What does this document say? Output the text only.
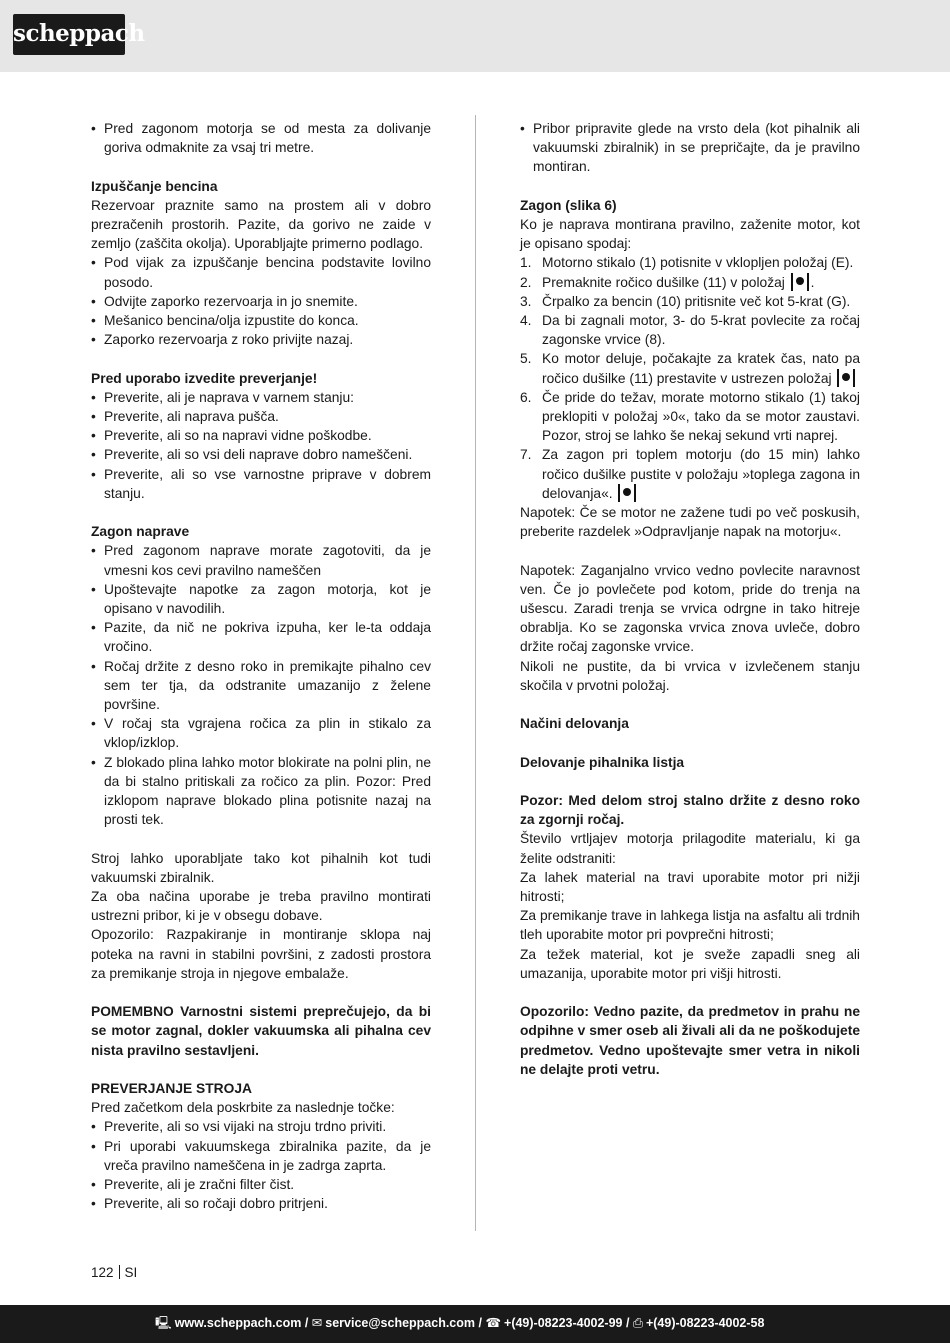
scheppach
• Pred zagonom motorja se od mesta za dolivanje goriva odmaknite za vsaj tri metre.

Izpuščanje bencina

Rezervoar praznite samo na prostem ali v dobro prezračenih prostorih. Pazite, da gorivo ne zaide v zemljo (zaščita okolja). Uporabljajte primerno podlago.

• Pod vijak za izpuščanje bencina podstavite lovilno posodo.
• Odvijte zaporko rezervoarja in jo snemite.
• Mešanico bencina/olja izpustite do konca.
• Zaporko rezervoarja z roko privijte nazaj.

Pred uporabo izvedite preverjanje!

• Preverite, ali je naprava v varnem stanju:
• Preverite, ali naprava pušča.
• Preverite, ali so na napravi vidne poškodbe.
• Preverite, ali so vsi deli naprave dobro nameščeni.
• Preverite, ali so vse varnostne priprave v dobrem stanju.

Zagon naprave

• Pred zagonom naprave morate zagotoviti, da je vmesni kos cevi pravilno nameščen
• Upoštevajte napotke za zagon motorja, kot je opisano v navodilih.
• Pazite, da nič ne pokriva izpuha, ker le-ta oddaja vročino.
• Ročaj držite z desno roko in premikajte pihalno cev sem ter tja, da odstranite umazanijo z želene površine.
• V ročaj sta vgrajena ročica za plin in stikalo za vklop/izklop.
• Z blokado plina lahko motor blokirate na polni plin, ne da bi stalno pritiskali za ročico za plin. Pozor: Pred izklopom naprave blokado plina potisnite nazaj na prosti tek.

Stroj lahko uporabljate tako kot pihalnih kot tudi vakuumski zbiralnik.

Za oba načina uporabe je treba pravilno montirati ustrezni pribor, ki je v obsegu dobave.

Opozorilo: Razpakiranje in montiranje sklopa naj poteka na ravni in stabilni površini, z zadosti prostora za premikanje stroja in njegove embalaže.

POMEMBNO Varnostni sistemi preprečujejo, da bi se motor zagnal, dokler vakuumska ali pihalna cev nista pravilno sestavljeni.

PREVERJANJE STROJA

Pred začetkom dela poskrbite za naslednje točke:

• Preverite, ali so vsi vijaki na stroju trdno priviti.
• Pri uporabi vakuumskega zbiralnika pazite, da je vreča pravilno nameščena in je zadrga zaprta.
• Preverite, ali je zračni filter čist.
• Preverite, ali so ročaji dobro pritrjeni.
• Pribor pripravite glede na vrsto dela (kot pihalnik ali vakuumski zbiralnik) in se prepričajte, da je pravilno montiran.

Zagon (slika 6)

Ko je naprava montirana pravilno, zaženite motor, kot je opisano spodaj:

1. Motorno stikalo (1) potisnite v vklopljen položaj (E).
2. Premaknite ročico dušilke (11) v položaj .
3. Črpalko za bencin (10) pritisnite več kot 5-krat (G).
4. Da bi zagnali motor, 3- do 5-krat povlecite za ročaj zagonske vrvice (8).
5. Ko motor deluje, počakajte za kratek čas, nato pa ročico dušilke (11) prestavite v ustrezen položaj
6. Če pride do težav, morate motorno stikalo (1) takoj preklopiti v položaj »0«, tako da se motor zaustavi. Pozor, stroj se lahko še nekaj sekund vrti naprej.
7. Za zagon pri toplem motorju (do 15 min) lahko ročico dušilke pustite v položaju »toplega zagona in delovanja«.

Napotek: Če se motor ne zažene tudi po več poskusih, preberite razdelek »Odpravljanje napak na motorju«.

Napotek: Zaganjalno vrvico vedno povlecite naravnost ven. Če jo povlečete pod kotom, pride do trenja na ušescu. Zaradi trenja se vrvica odrgne in tako hitreje obrablja. Ko se zagonska vrvica znova uvleče, dobro držite ročaj zagonske vrvice.

Nikoli ne pustite, da bi vrvica v izvlečenem stanju skočila v prvotni položaj.

Načini delovanja

Delovanje pihalnika listja

Pozor: Med delom stroj stalno držite z desno roko za zgornji ročaj.

Število vrtljajev motorja prilagodite materialu, ki ga želite odstraniti:

Za lahek material na travi uporabite motor pri nižji hitrosti;

Za premikanje trave in lahkega listja na asfaltu ali trdnih tleh uporabite motor pri povprečni hitrosti;

Za težek material, kot je sveže zapadli sneg ali umazanija, uporabite motor pri višji hitrosti.

Opozorilo: Vedno pazite, da predmetov in prahu ne odpihne v smer oseb ali živali ali da ne poškodujete predmetov. Vedno upoštevajte smer vetra in nikoli ne delajte proti vetru.

122 SI
🖳 www.scheppach.com / ✉ service@scheppach.com / ☎ +(49)-08223-4002-99 / ⎙ +(49)-08223-4002-58
